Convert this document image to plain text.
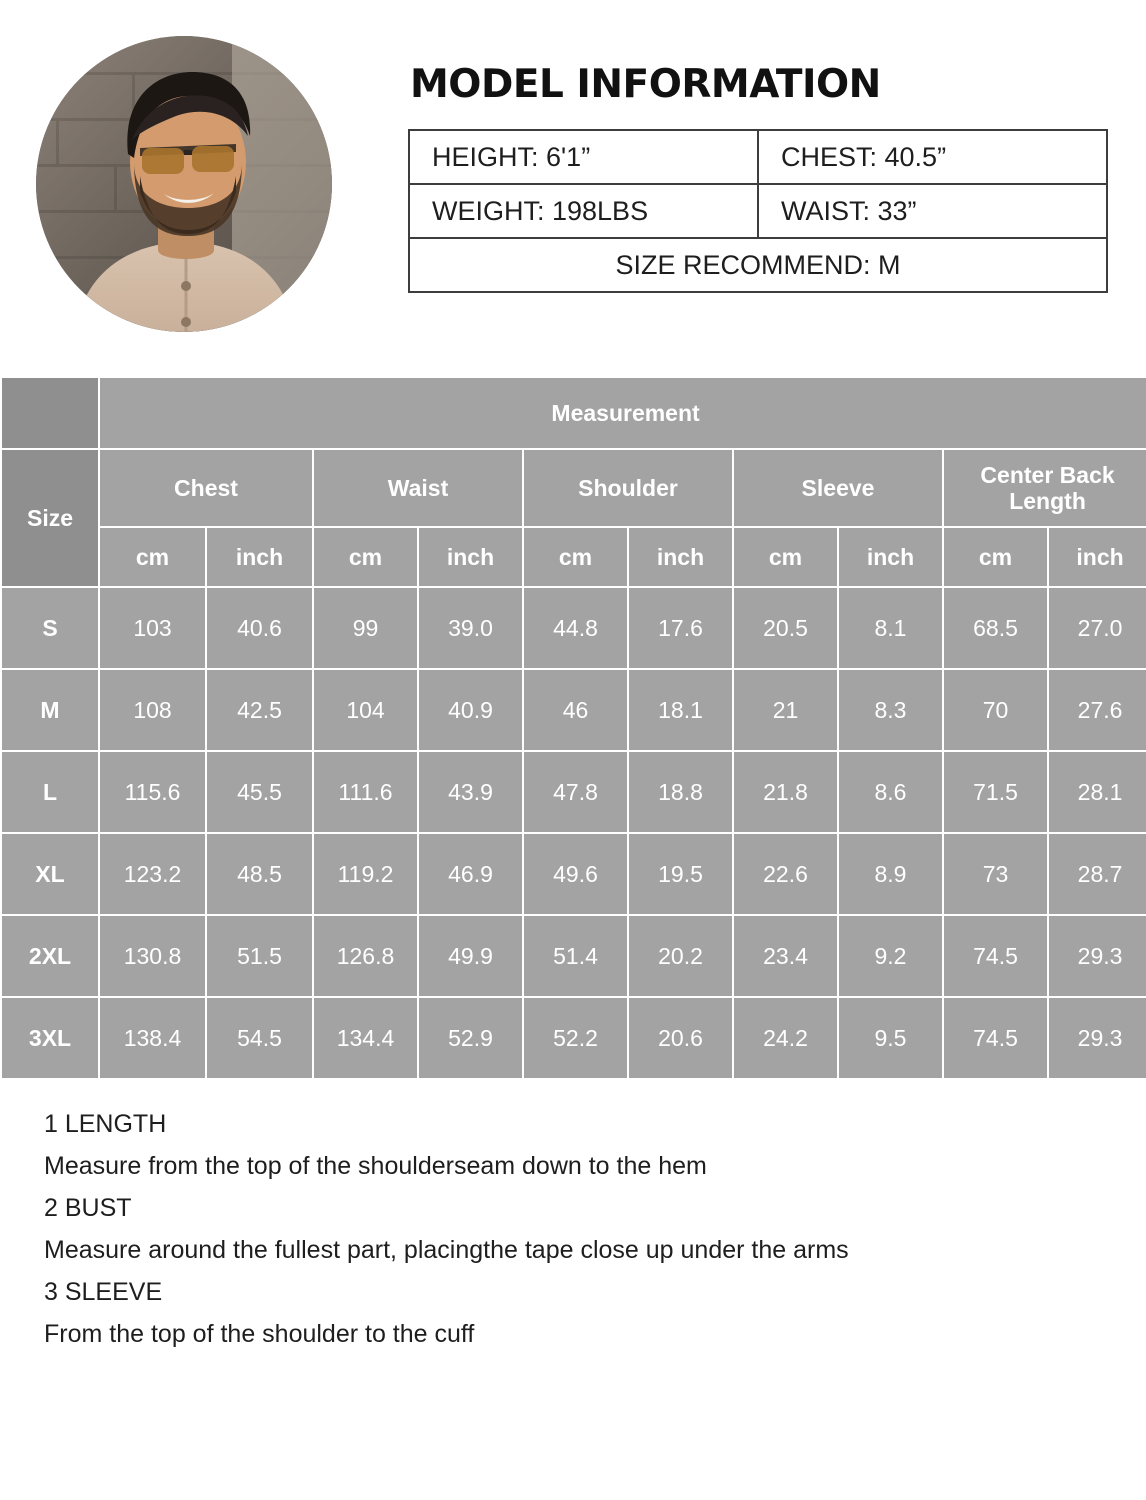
MODEL INFORMATION
HEIGHT: 6'1”	CHEST: 40.5”
WEIGHT: 198LBS	WAIST: 33”
SIZE RECOMMEND: M	
	Measurement									
Size	Chest		Waist		Shoulder		Sleeve		Center Back Length	
	cm	inch	cm	inch	cm	inch	cm	inch	cm	inch
S	103	40.6	99	39.0	44.8	17.6	20.5	8.1	68.5	27.0
M	108	42.5	104	40.9	46	18.1	21	8.3	70	27.6
L	115.6	45.5	111.6	43.9	47.8	18.8	21.8	8.6	71.5	28.1
XL	123.2	48.5	119.2	46.9	49.6	19.5	22.6	8.9	73	28.7
2XL	130.8	51.5	126.8	49.9	51.4	20.2	23.4	9.2	74.5	29.3
3XL	138.4	54.5	134.4	52.9	52.2	20.6	24.2	9.5	74.5	29.3

1 LENGTH

Measure from the top of the shoulderseam down to the hem

2 BUST

Measure around the fullest part, placingthe tape close up under the arms

3 SLEEVE

From the top of the shoulder to the cuff
